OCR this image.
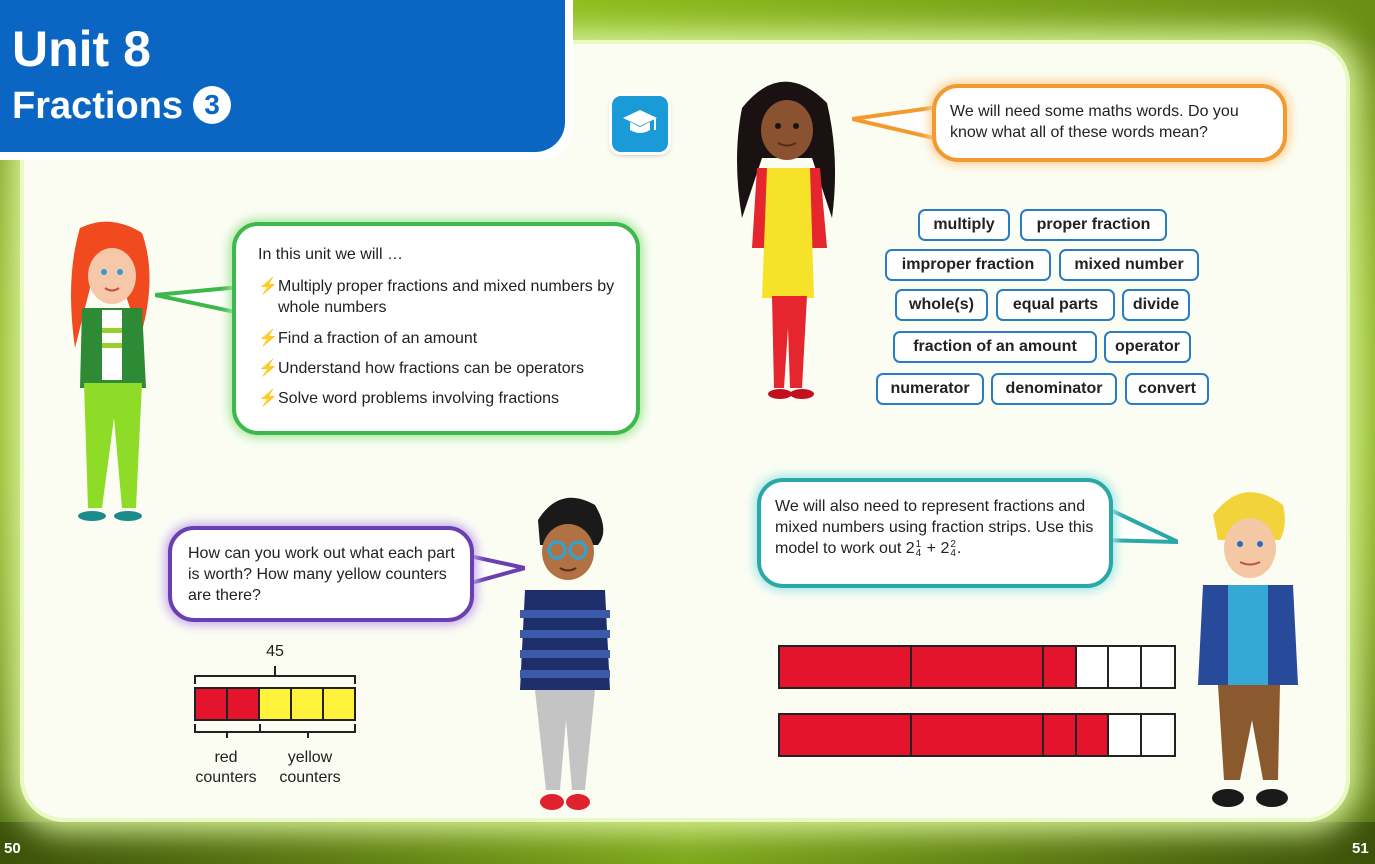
Unit 8
Fractions 3
In this unit we will …
⚡ Multiply proper fractions and mixed numbers by whole numbers
⚡ Find a fraction of an amount
⚡ Understand how fractions can be operators
⚡ Solve word problems involving fractions
We will need some maths words. Do you know what all of these words mean?
multiply	proper fraction
improper fraction	mixed number
whole(s)	equal parts	divide
fraction of an amount	operator
numerator	denominator	convert
How can you work out what each part is worth? How many yellow counters are there?
45
red
counters
yellow
counters
We will also need to represent fractions and mixed numbers using fraction strips. Use this model to work out 21
4 + 22
4.
50	51
